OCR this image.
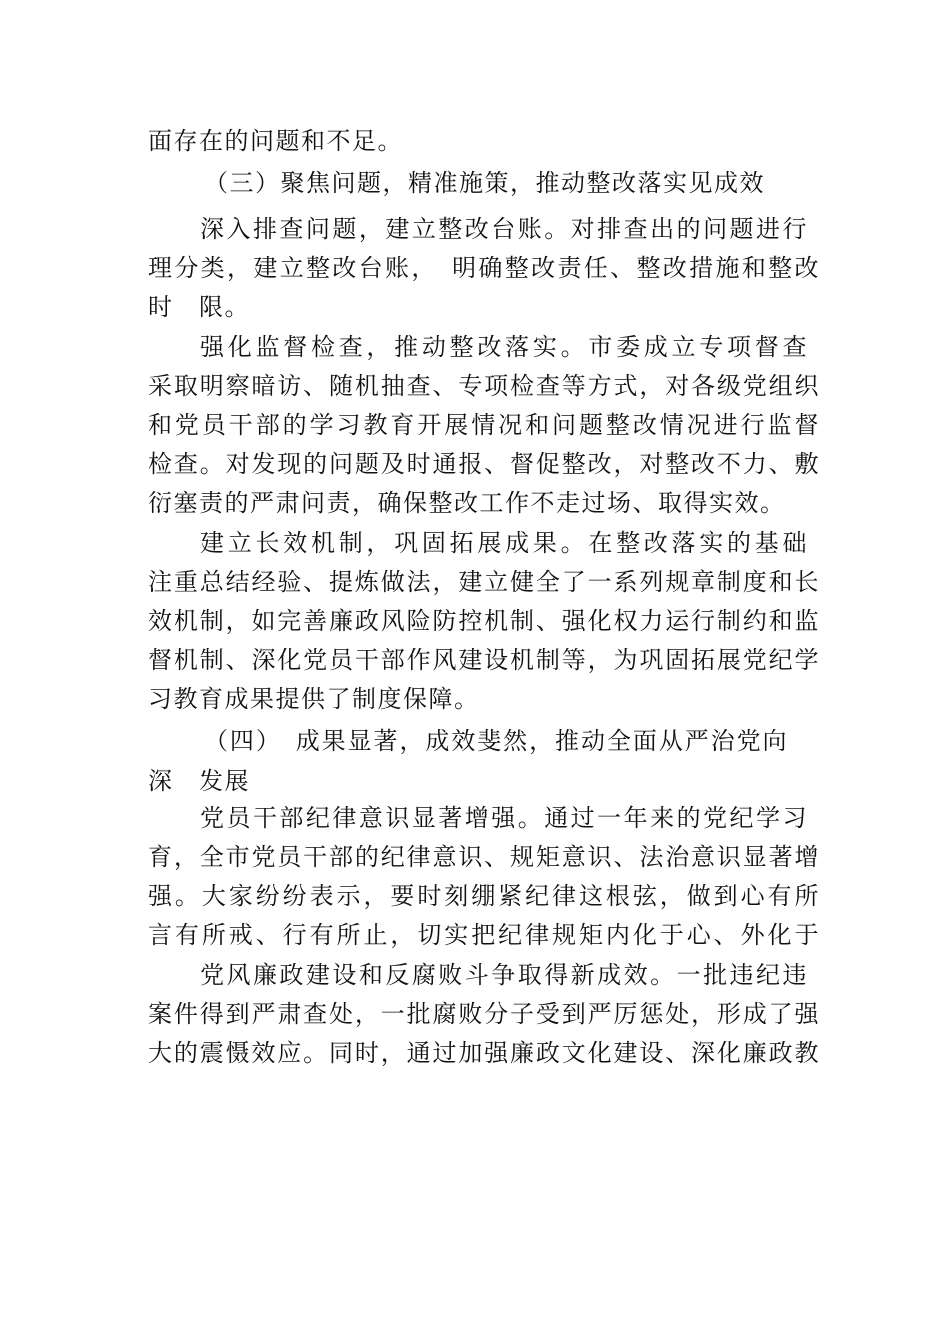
面存在的问题和不足。
（三）聚焦问题，精准施策，推动整改落实见成效
深入排查问题，建立整改台账。对排查出的问题进行
理分类，建立整改台账，　明确整改责任、整改措施和整改
时　限。
强化监督检查，推动整改落实。市委成立专项督查
采取明察暗访、随机抽查、专项检查等方式，对各级党组织
和党员干部的学习教育开展情况和问题整改情况进行监督
检查。对发现的问题及时通报、督促整改，对整改不力、敷
衍塞责的严肃问责，确保整改工作不走过场、取得实效。
建立长效机制，巩固拓展成果。在整改落实的基础
注重总结经验、提炼做法，建立健全了一系列规章制度和长
效机制，如完善廉政风险防控机制、强化权力运行制约和监
督机制、深化党员干部作风建设机制等，为巩固拓展党纪学
习教育成果提供了制度保障。
（四）　成果显著，成效斐然，推动全面从严治党向
深　发展
党员干部纪律意识显著增强。通过一年来的党纪学习
育，全市党员干部的纪律意识、规矩意识、法治意识显著增
强。大家纷纷表示，要时刻绷紧纪律这根弦，做到心有所
言有所戒、行有所止，切实把纪律规矩内化于心、外化于
党风廉政建设和反腐败斗争取得新成效。一批违纪违
案件得到严肃查处，一批腐败分子受到严厉惩处，形成了强
大的震慑效应。同时，通过加强廉政文化建设、深化廉政教
